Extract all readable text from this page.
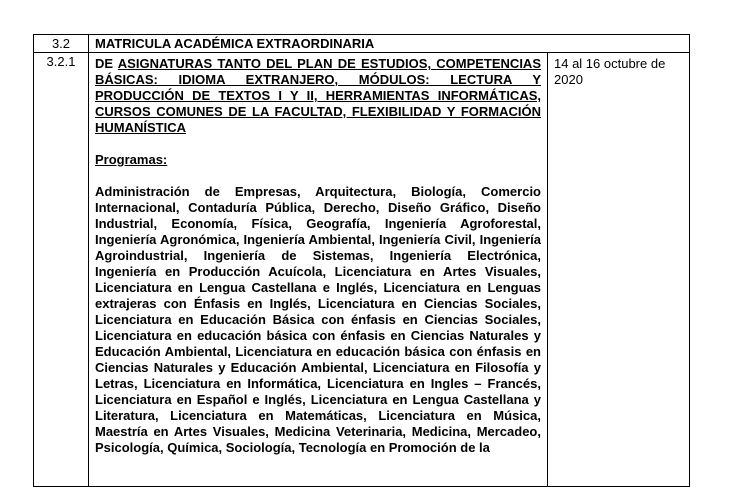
3.2	MATRICULA ACADÉMICA EXTRAORDINARIA	
3.2.1	DE ASIGNATURAS TANTO DEL PLAN DE ESTUDIOS, COMPETENCIAS BÁSICAS: IDIOMA EXTRANJERO, MÓDULOS: LECTURA Y PRODUCCIÓN DE TEXTOS I Y II, HERRAMIENTAS INFORMÁTICAS, CURSOS COMUNES DE LA FACULTAD, FLEXIBILIDAD Y FORMACIÓN HUMANÍSTICA

Programas:

Administración de Empresas, Arquitectura, Biología, Comercio Internacional, Contaduría Pública, Derecho, Diseño Gráfico, Diseño Industrial, Economía, Física, Geografía, Ingeniería Agroforestal, Ingeniería Agronómica, Ingeniería Ambiental, Ingeniería Civil, Ingeniería Agroindustrial, Ingeniería de Sistemas, Ingeniería Electrónica, Ingeniería en Producción Acuícola, Licenciatura en Artes Visuales, Licenciatura en Lengua Castellana e Inglés, Licenciatura en Lenguas extrajeras con Énfasis en Inglés, Licenciatura en Ciencias Sociales, Licenciatura en Educación Básica con énfasis en Ciencias Sociales, Licenciatura en educación básica con énfasis en Ciencias Naturales y Educación Ambiental, Licenciatura en educación básica con énfasis en Ciencias Naturales y Educación Ambiental, Licenciatura en Filosofía y Letras, Licenciatura en Informática, Licenciatura en Ingles – Francés, Licenciatura en Español e Inglés, Licenciatura en Lengua Castellana y Literatura, Licenciatura en Matemáticas, Licenciatura en Música, Maestría en Artes Visuales, Medicina Veterinaria, Medicina, Mercadeo, Psicología, Química, Sociología, Tecnología en Promoción de la	14 al 16 octubre de 2020
